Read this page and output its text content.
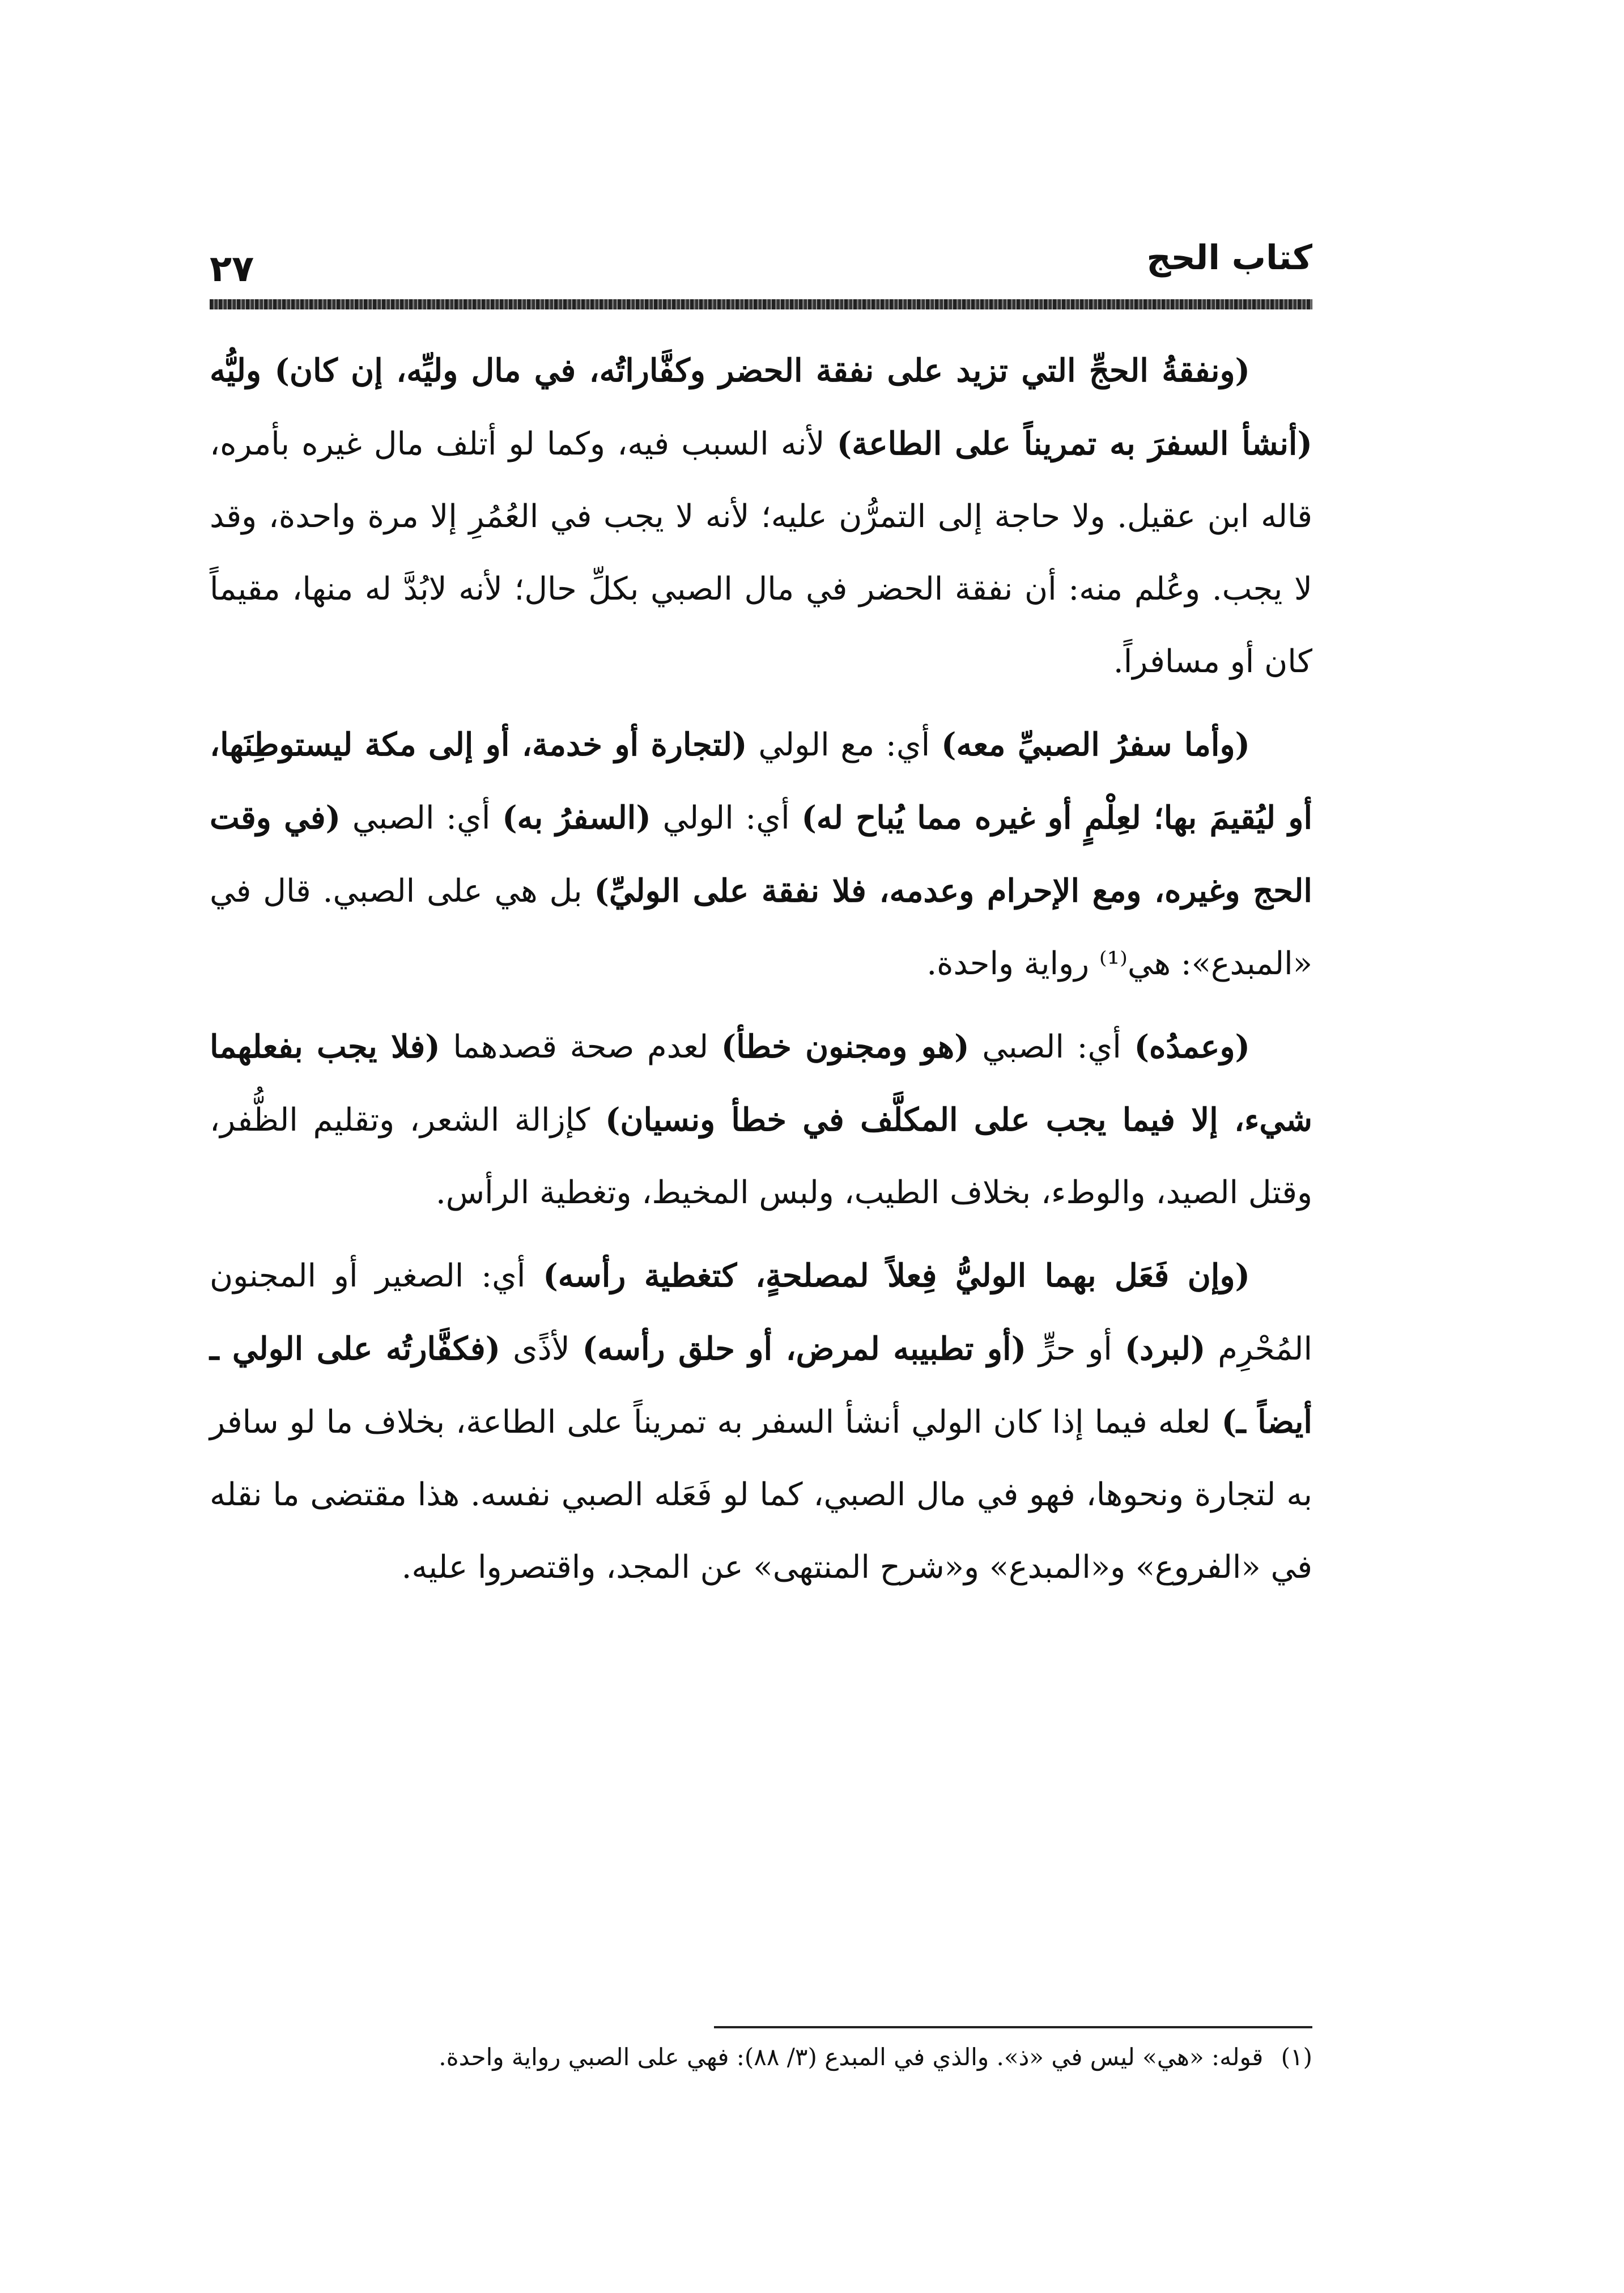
كتاب الحج
٢٧

(ونفقةُ الحجِّ التي تزيد على نفقة الحضر وكفَّاراتُه، في مال وليِّه، إن كان) وليُّه (أنشأ السفرَ به تمريناً على الطاعة) لأنه السبب فيه، وكما لو أتلف مال غيره بأمره، قاله ابن عقيل. ولا حاجة إلى التمرُّن عليه؛ لأنه لا يجب في العُمُرِ إلا مرة واحدة، وقد لا يجب. وعُلم منه: أن نفقة الحضر في مال الصبي بكلِّ حال؛ لأنه لابُدَّ له منها، مقيماً كان أو مسافراً.

(وأما سفرُ الصبيِّ معه) أي: مع الولي (لتجارة أو خدمة، أو إلى مكة ليستوطِنَها، أو ليُقيمَ بها؛ لعِلْمٍ أو غيره مما يُباح له) أي: الولي (السفرُ به) أي: الصبي (في وقت الحج وغيره، ومع الإحرام وعدمه، فلا نفقة على الوليِّ) بل هي على الصبي. قال في «المبدع»: هي⁽¹⁾ رواية واحدة.

(وعمدُه) أي: الصبي (هو ومجنون خطأ) لعدم صحة قصدهما (فلا يجب بفعلهما شيء، إلا فيما يجب على المكلَّف في خطأ ونسيان) كإزالة الشعر، وتقليم الظُّفر، وقتل الصيد، والوطء، بخلاف الطيب، ولبس المخيط، وتغطية الرأس.

(وإن فَعَل بهما الوليُّ فِعلاً لمصلحةٍ، كتغطية رأسه) أي: الصغير أو المجنون المُحْرِم (لبرد) أو حرٍّ (أو تطبيبه لمرض، أو حلق رأسه) لأذًى (فكفَّارتُه على الولي ـ أيضاً ـ) لعله فيما إذا كان الولي أنشأ السفر به تمريناً على الطاعة، بخلاف ما لو سافر به لتجارة ونحوها، فهو في مال الصبي، كما لو فَعَله الصبي نفسه. هذا مقتضى ما نقله في «الفروع» و«المبدع» و«شرح المنتهى» عن المجد، واقتصروا عليه.

(١) قوله: «هي» ليس في «ذ». والذي في المبدع (٣/ ٨٨): فهي على الصبي رواية واحدة.
